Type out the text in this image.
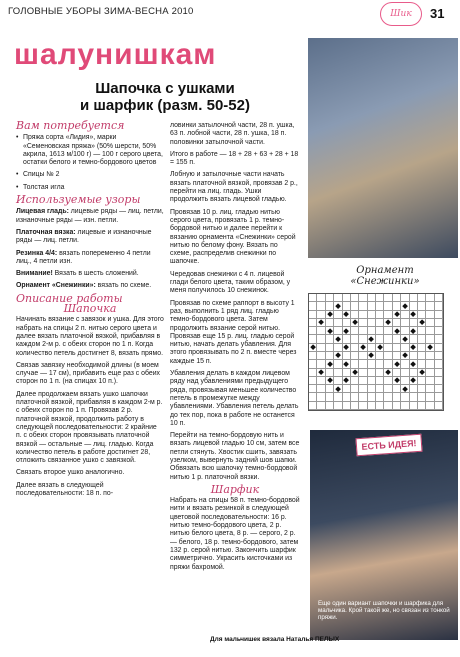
ГОЛОВНЫЕ УБОРЫ ЗИМА-ВЕСНА 2010	Шик	31
шалунишкам
Шапочка с ушками
и шарфик (разм. 50-52)
Вам потребуется
• Пряжа сорта «Лидия», марки «Семеновская пряжа» (50% шерсти, 50% акрила, 1613 м/100 г) — 100 г серого цвета, остатки белого и темно-бордового цветов
• Спицы № 2
• Толстая игла
Используемые узоры

Лицевая гладь: лицевые ряды — лиц. петли, изнаночные ряды — изн. петли.

Платочная вязка: лицевые и изнаночные ряды — лиц. петли.

Резинка 4/4: вязать попеременно 4 петли лиц., 4 петли изн.

Внимание! Вязать в шесть сложений.

Орнамент «Снежинки»: вязать по схеме.

Описание работы
Шапочка

Начинать вязание с завязок и ушка. Для этого набрать на спицы 2 п. нитью серого цвета и далее вязать платочной вязкой, прибавляя в каждом 2-м р. с обеих сторон по 1 п. Когда количество петель достигнет 8, вязать прямо.

Связав завязку необходимой длины (в моем случае — 17 см), прибавить еще раз с обеих сторон по 1 п. (на спицах 10 п.).

Далее продолжаем вязать ушко шапочки платочной вязкой, прибавляя в каждом 2-м р. с обеих сторон по 1 п. Провязав 2 р. платочной вязкой, продолжить работу в следующей последовательности: 2 крайние п. с обеих сторон провязывать платочной вязкой — остальные — лиц. гладью. Когда количество петель в работе достигнет 28, отложить связанное ушко с завязкой.

Связать второе ушко аналогично.

Далее вязать в следующей последовательности: 18 п. по-

ловинки затылочной части, 28 п. ушка, 63 п. лобной части, 28 п. ушка, 18 п. половинки затылочной части.

Итого в работе — 18 + 28 + 63 + 28 + 18 = 155 п.

Лобную и затылочные части начать вязать платочной вязкой, провязав 2 р., перейти на лиц. гладь. Ушки продолжить вязать лицевой гладью.

Провязав 10 р. лиц. гладью нитью серого цвета, провязать 1 р. темно-бордовой нитью и далее перейти к вязанию орнамента «Снежинки» серой нитью по белому фону. Вязать по схеме, распределив снежинки по шапочке.

Чередовав снежинки с 4 п. лицевой глади белого цвета, таким образом, у меня получилось 10 снежинок.

Провязав по схеме раппорт в высоту 1 раз, выполнить 1 ряд лиц. гладью темно-бордового цвета. Затем продолжить вязание серой нитью. Провязав еще 15 р. лиц. гладью серой нитью, начать делать убавления. Для этого провязывать по 2 п. вместе через каждые 15 п.

Убавления делать в каждом лицевом ряду над убавлениями предыдущего ряда, провязывая меньшее количество петель в промежутке между убавлениями. Убавления петель делать до тех пор, пока в работе не останется 10 п.

Перейти на темно-бордовую нить и вязать лицевой гладью 10 см, затем все петли стянуть. Хвостик сшить, завязать узелком, вывернуть задний шов шапки. Обвязать всю шапочку темно-бордовой нитью 1 р. платочной вязки.

Шарфик

Набрать на спицы 58 п. темно-бордовой нити и вязать резинкой в следующей цветовой последовательности: 16 р. нитью темно-бордового цвета, 2 р. нитью белого цвета, 8 р. — серого, 2 р. — белого, 18 р. темно-бордового, затем 132 р. серой нитью. Закончить шарфик симметрично. Украсить кисточками из пряжи бахромой.

Орнамент
«Снежинки»
ЕСТЬ ИДЕЯ!
Еще один вариант шапочки и шарфика для мальчика. Крой такой же, но связан из тонкой пряжи.
Для мальчишек вязала Наталья ПЕЛЫХ
